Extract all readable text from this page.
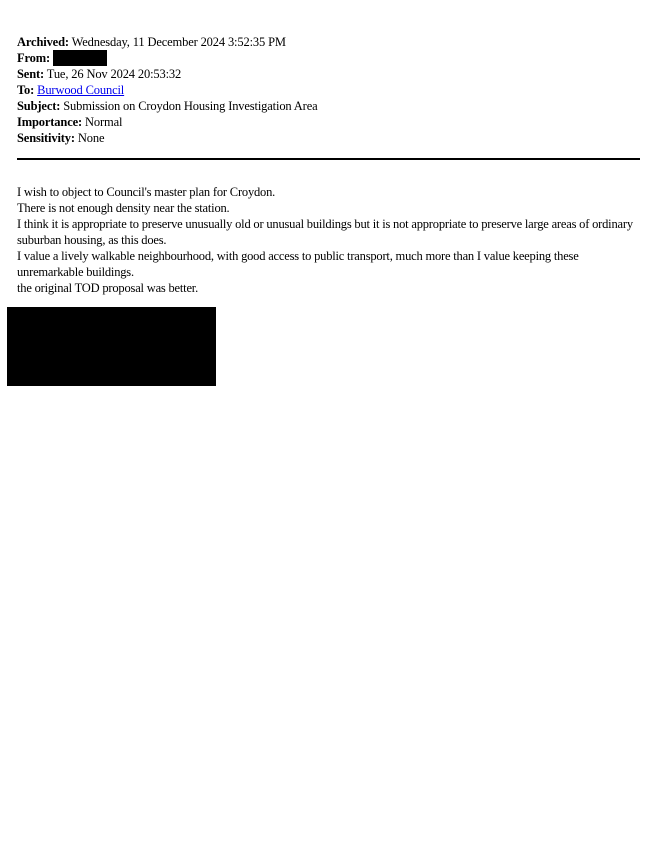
Archived: Wednesday, 11 December 2024 3:52:35 PM
From:
Sent: Tue, 26 Nov 2024 20:53:32
To: Burwood Council
Subject: Submission on Croydon Housing Investigation Area
Importance: Normal
Sensitivity: None

I wish to object to Council's master plan for Croydon.

There is not enough density near the station.

I think it is appropriate to preserve unusually old or unusual buildings but it is not appropriate to preserve large areas of ordinary suburban housing, as this does.

I value a lively walkable neighbourhood, with good access to public transport, much more than I value keeping these unremarkable buildings.

the original TOD proposal was better.
